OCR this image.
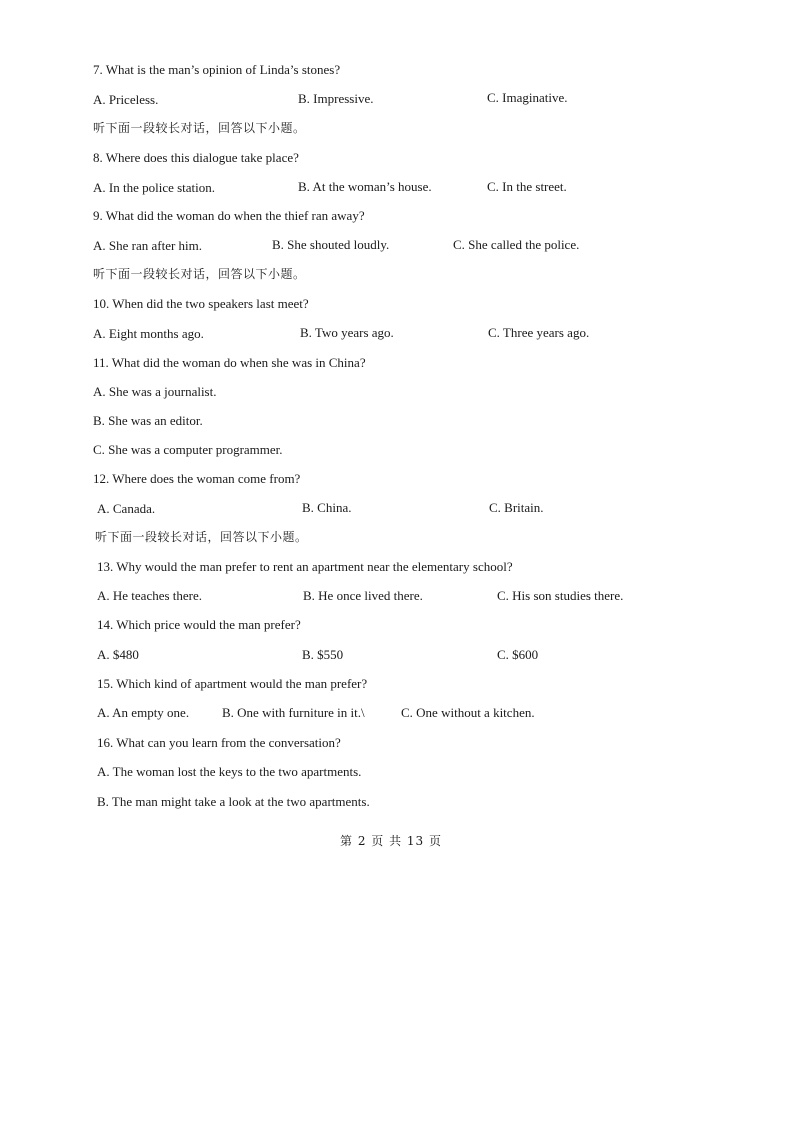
7. What is the man’s opinion of Linda’s stones?
A. Priceless.	B. Impressive.	C. Imaginative.
听下面一段较长对话，回答以下小题。
8. Where does this dialogue take place?
A. In the police station.	B. At the woman’s house.	C. In the street.
9. What did the woman do when the thief ran away?
A. She ran after him.	B. She shouted loudly.	C. She called the police.
听下面一段较长对话，回答以下小题。
10. When did the two speakers last meet?
A. Eight months ago.	B. Two years ago.	C. Three years ago.
11. What did the woman do when she was in China?
A. She was a journalist.
B. She was an editor.
C. She was a computer programmer.
12. Where does the woman come from?
A. Canada.	B. China.	C. Britain.
听下面一段较长对话，回答以下小题。
13. Why would the man prefer to rent an apartment near the elementary school?
A. He teaches there.	B. He once lived there.	C. His son studies there.
14. Which price would the man prefer?
A. $480	B. $550	C. $600
15. Which kind of apartment would the man prefer?
A. An empty one.	B. One with furniture in it.\	C. One without a kitchen.
16. What can you learn from the conversation?
A. The woman lost the keys to the two apartments.
B. The man might take a look at the two apartments.
第 2 页 共 13 页
